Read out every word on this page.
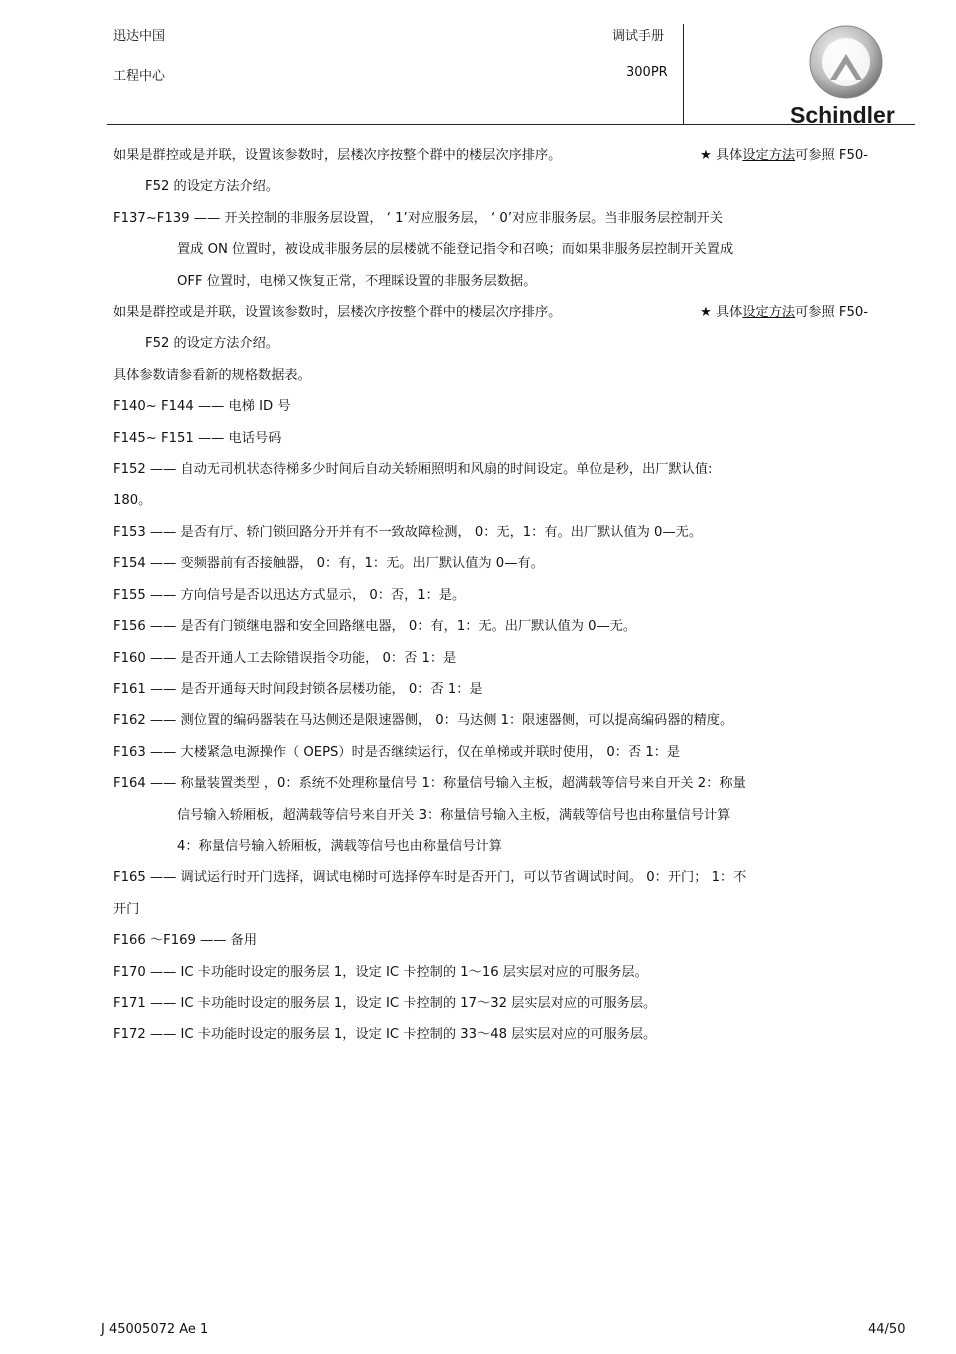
迅达中国
工程中心
调试手册
300PR
Schindler
如果是群控或是并联，设置该参数时，层楼次序按整个群中的楼层次序排序。	★ 具体设定方法可参照 F50-
F52 的设定方法介绍。
F137~F139 —— 开关控制的非服务层设置， ‘ 1’对应服务层， ‘ 0’对应非服务层。当非服务层控制开关
置成 ON 位置时，被设成非服务层的层楼就不能登记指令和召唤；而如果非服务层控制开关置成
OFF 位置时，电梯又恢复正常，不理睬设置的非服务层数据。
如果是群控或是并联，设置该参数时，层楼次序按整个群中的楼层次序排序。	★ 具体设定方法可参照 F50-
F52 的设定方法介绍。
具体参数请参看新的规格数据表。
F140~ F144 —— 电梯 ID 号
F145~ F151 —— 电话号码
F152 —— 自动无司机状态待梯多少时间后自动关轿厢照明和风扇的时间设定。单位是秒，出厂默认值:
180。
F153 —— 是否有厅、轿门锁回路分开并有不一致故障检测， 0：无，1：有。出厂默认值为 0—无。
F154 —— 变频器前有否接触器， 0：有，1：无。出厂默认值为 0—有。
F155 —— 方向信号是否以迅达方式显示， 0：否，1：是。
F156 —— 是否有门锁继电器和安全回路继电器， 0：有，1：无。出厂默认值为 0—无。
F160 —— 是否开通人工去除错误指令功能， 0：否 1：是
F161 —— 是否开通每天时间段封锁各层楼功能， 0：否 1：是
F162 —— 测位置的编码器装在马达侧还是限速器侧， 0：马达侧 1：限速器侧，可以提高编码器的精度。
F163 —— 大楼紧急电源操作（ OEPS）时是否继续运行，仅在单梯或并联时使用， 0：否 1：是
F164 —— 称量装置类型 ，0：系统不处理称量信号 1：称量信号输入主板，超满载等信号来自开关 2：称量
信号输入轿厢板，超满载等信号来自开关 3：称量信号输入主板，满载等信号也由称量信号计算
4：称量信号输入轿厢板，满载等信号也由称量信号计算
F165 —— 调试运行时开门选择，调试电梯时可选择停车时是否开门，可以节省调试时间。 0：开门； 1：不
开门
F166 ～F169 —— 备用
F170 —— IC 卡功能时设定的服务层 1，设定 IC 卡控制的 1～16 层实层对应的可服务层。
F171 —— IC 卡功能时设定的服务层 1，设定 IC 卡控制的 17～32 层实层对应的可服务层。
F172 —— IC 卡功能时设定的服务层 1，设定 IC 卡控制的 33～48 层实层对应的可服务层。
J 45005072 Ae 1	44/50
